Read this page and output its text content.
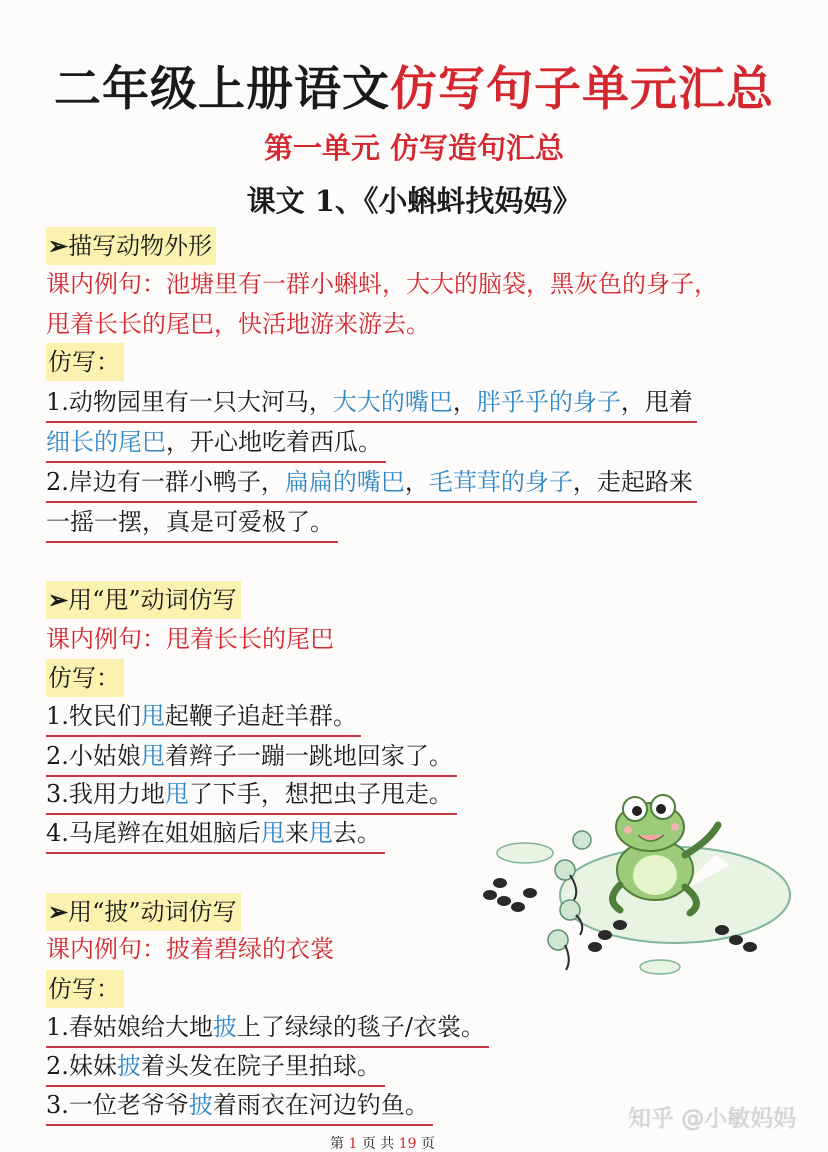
二年级上册语文仿写句子单元汇总
第一单元 仿写造句汇总
课文 1、《小蝌蚪找妈妈》
➢描写动物外形
课内例句：池塘里有一群小蝌蚪，大大的脑袋，黑灰色的身子，
甩着长长的尾巴，快活地游来游去。
仿写：
1.动物园里有一只大河马，大大的嘴巴，胖乎乎的身子，甩着
细长的尾巴，开心地吃着西瓜。
2.岸边有一群小鸭子，扁扁的嘴巴，毛茸茸的身子，走起路来
一摇一摆，真是可爱极了。
➢用“甩”动词仿写
课内例句：甩着长长的尾巴
仿写：
1.牧民们甩起鞭子追赶羊群。
2.小姑娘甩着辫子一蹦一跳地回家了。
3.我用力地甩了下手，想把虫子甩走。
4.马尾辫在姐姐脑后甩来甩去。
➢用“披”动词仿写
课内例句：披着碧绿的衣裳
仿写：
1.春姑娘给大地披上了绿绿的毯子/衣裳。
2.妹妹披着头发在院子里拍球。
3.一位老爷爷披着雨衣在河边钓鱼。
第 1 页 共 19 页
知乎 @小敏妈妈
